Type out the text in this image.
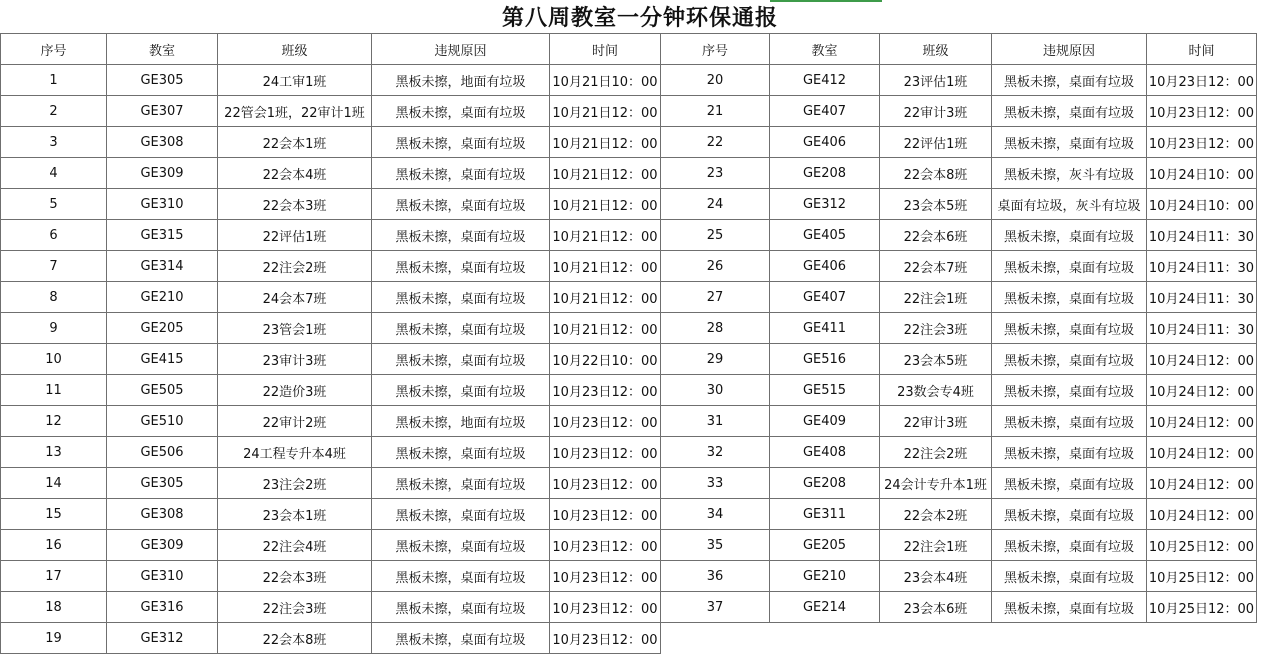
第八周教室一分钟环保通报
序号	教室	班级	违规原因	时间	序号	教室	班级	违规原因	时间
1	GE305	24工审1班	黑板未擦，地面有垃圾	10月21日10：00	20	GE412	23评估1班	黑板未擦，桌面有垃圾	10月23日12：00
2	GE307	22管会1班，22审计1班	黑板未擦，桌面有垃圾	10月21日12：00	21	GE407	22审计3班	黑板未擦，桌面有垃圾	10月23日12：00
3	GE308	22会本1班	黑板未擦，桌面有垃圾	10月21日12：00	22	GE406	22评估1班	黑板未擦，桌面有垃圾	10月23日12：00
4	GE309	22会本4班	黑板未擦，桌面有垃圾	10月21日12：00	23	GE208	22会本8班	黑板未擦，灰斗有垃圾	10月24日10：00
5	GE310	22会本3班	黑板未擦，桌面有垃圾	10月21日12：00	24	GE312	23会本5班	桌面有垃圾，灰斗有垃圾	10月24日10：00
6	GE315	22评估1班	黑板未擦，桌面有垃圾	10月21日12：00	25	GE405	22会本6班	黑板未擦，桌面有垃圾	10月24日11：30
7	GE314	22注会2班	黑板未擦，桌面有垃圾	10月21日12：00	26	GE406	22会本7班	黑板未擦，桌面有垃圾	10月24日11：30
8	GE210	24会本7班	黑板未擦，桌面有垃圾	10月21日12：00	27	GE407	22注会1班	黑板未擦，桌面有垃圾	10月24日11：30
9	GE205	23管会1班	黑板未擦，桌面有垃圾	10月21日12：00	28	GE411	22注会3班	黑板未擦，桌面有垃圾	10月24日11：30
10	GE415	23审计3班	黑板未擦，桌面有垃圾	10月22日10：00	29	GE516	23会本5班	黑板未擦，桌面有垃圾	10月24日12：00
11	GE505	22造价3班	黑板未擦，桌面有垃圾	10月23日12：00	30	GE515	23数会专4班	黑板未擦，桌面有垃圾	10月24日12：00
12	GE510	22审计2班	黑板未擦，地面有垃圾	10月23日12：00	31	GE409	22审计3班	黑板未擦，桌面有垃圾	10月24日12：00
13	GE506	24工程专升本4班	黑板未擦，桌面有垃圾	10月23日12：00	32	GE408	22注会2班	黑板未擦，桌面有垃圾	10月24日12：00
14	GE305	23注会2班	黑板未擦，桌面有垃圾	10月23日12：00	33	GE208	24会计专升本1班	黑板未擦，桌面有垃圾	10月24日12：00
15	GE308	23会本1班	黑板未擦，桌面有垃圾	10月23日12：00	34	GE311	22会本2班	黑板未擦，桌面有垃圾	10月24日12：00
16	GE309	22注会4班	黑板未擦，桌面有垃圾	10月23日12：00	35	GE205	22注会1班	黑板未擦，桌面有垃圾	10月25日12：00
17	GE310	22会本3班	黑板未擦，桌面有垃圾	10月23日12：00	36	GE210	23会本4班	黑板未擦，桌面有垃圾	10月25日12：00
18	GE316	22注会3班	黑板未擦，桌面有垃圾	10月23日12：00	37	GE214	23会本6班	黑板未擦，桌面有垃圾	10月25日12：00
19	GE312	22会本8班	黑板未擦，桌面有垃圾	10月23日12：00					
